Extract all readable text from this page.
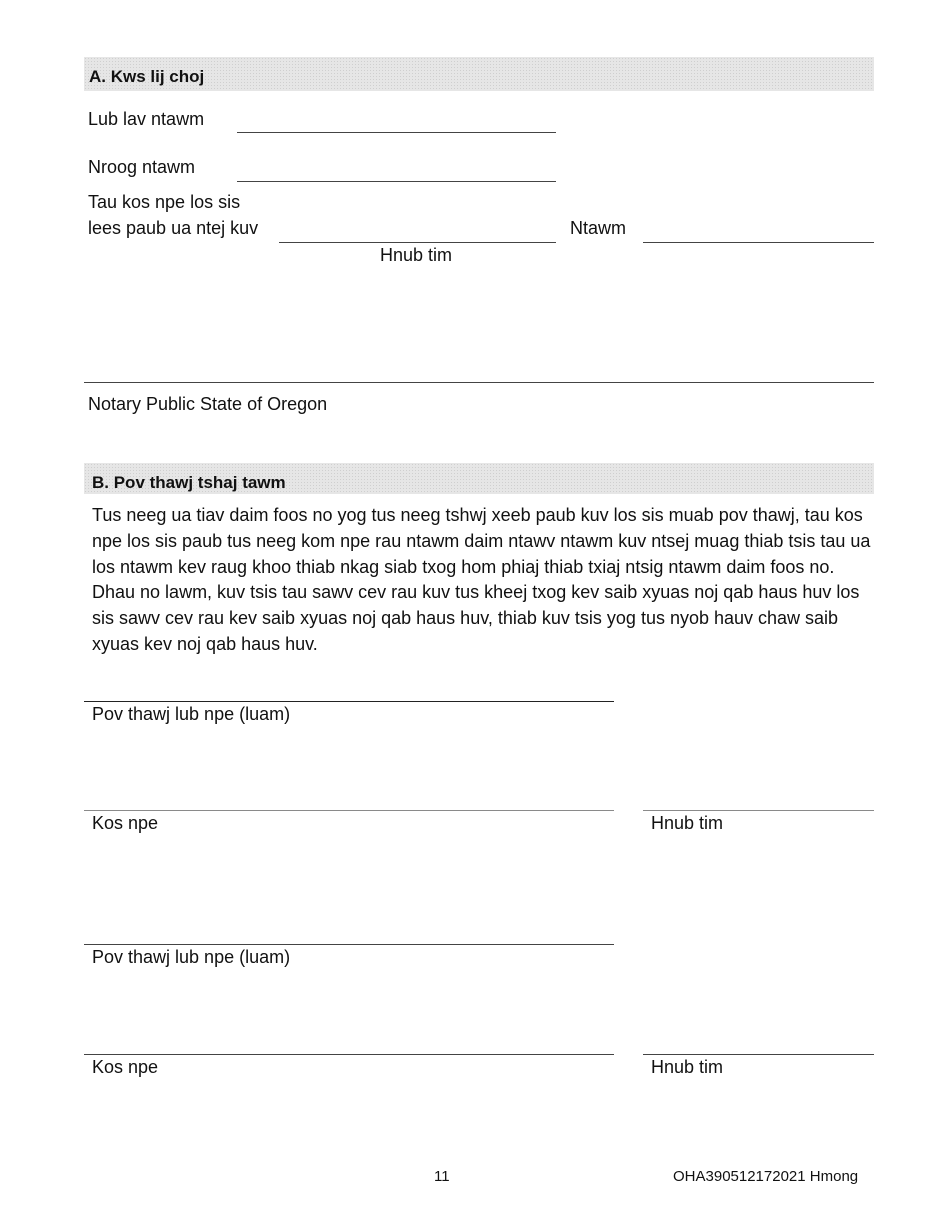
A. Kws lij choj
Lub lav ntawm
Nroog ntawm
Tau kos npe los sis
lees paub ua ntej kuv
Hnub tim
Ntawm
Notary Public State of Oregon
B. Pov thawj tshaj tawm
Tus neeg ua tiav daim foos no yog tus neeg tshwj xeeb paub kuv los sis muab pov thawj, tau kos npe los sis paub tus neeg kom npe rau ntawm daim ntawv ntawm kuv ntsej muag thiab tsis tau ua los ntawm kev raug khoo thiab nkag siab txog hom phiaj thiab txiaj ntsig ntawm daim foos no. Dhau no lawm, kuv tsis tau sawv cev rau kuv tus kheej txog kev saib xyuas noj qab haus huv los sis sawv cev rau kev saib xyuas noj qab haus huv, thiab kuv tsis yog tus nyob hauv chaw saib xyuas kev noj qab haus huv.
Pov thawj lub npe (luam)
Kos npe	Hnub tim
Pov thawj lub npe (luam)
Kos npe	Hnub tim
11	OHA390512172021 Hmong
